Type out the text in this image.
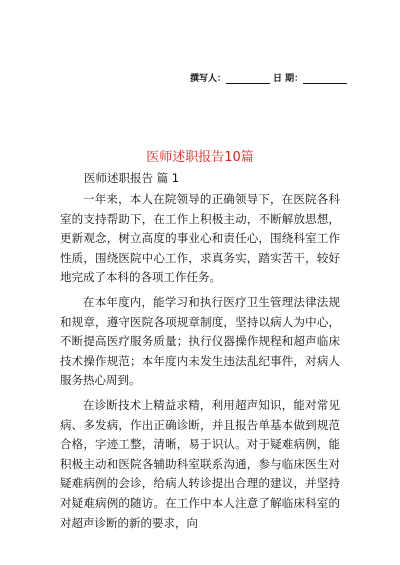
撰写人：	日 期：
医师述职报告10篇
医师述职报告 篇 1

一年来，本人在院领导的正确领导下，在医院各科室的支持帮助下，在工作上积极主动，不断解放思想，更新观念，树立高度的事业心和责任心，围绕科室工作性质，围绕医院中心工作，求真务实，踏实苦干，较好地完成了本科的各项工作任务。

在本年度内，能学习和执行医疗卫生管理法律法规和规章，遵守医院各项规章制度，坚持以病人为中心，不断提高医疗服务质量；执行仪器操作规程和超声临床技术操作规范；本年度内未发生违法乱纪事件，对病人服务热心周到。

在诊断技术上精益求精，利用超声知识，能对常见病、多发病，作出正确诊断，并且报告单基本做到规范合格，字迹工整，清晰，易于识认。对于疑难病例，能积极主动和医院各辅助科室联系沟通，参与临床医生对疑难病例的会诊，给病人转诊提出合理的建议，并坚持对疑难病例的随访。在工作中本人注意了解临床科室的对超声诊断的新的要求，向
